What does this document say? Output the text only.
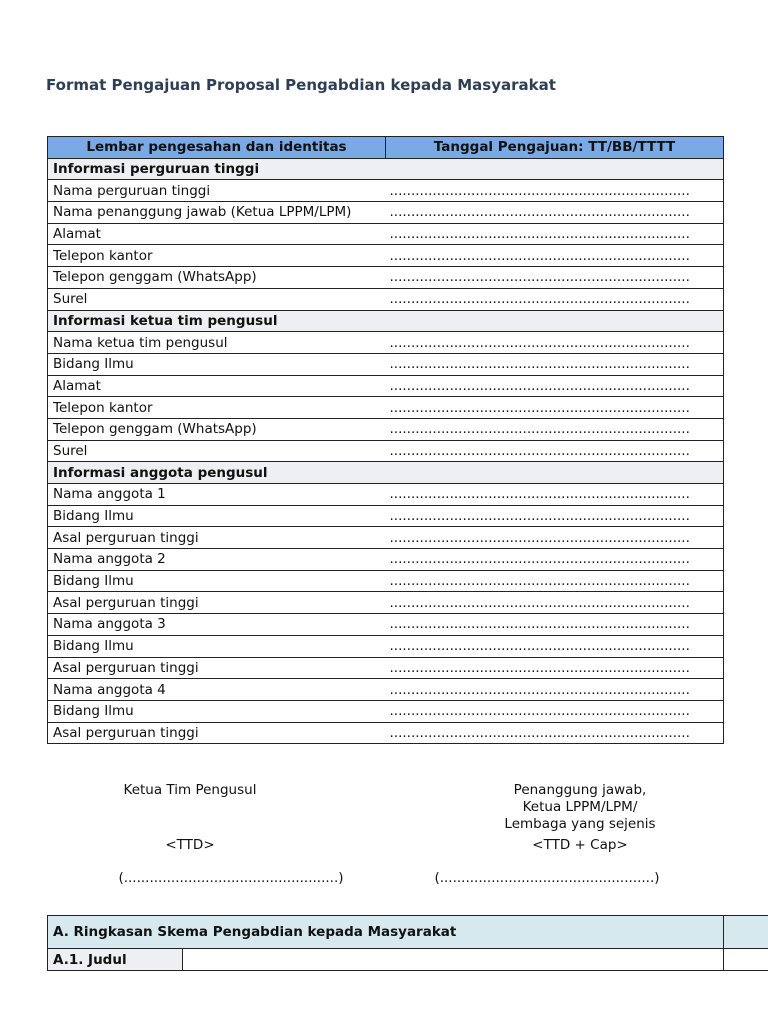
Format Pengajuan Proposal Pengabdian kepada Masyarakat
Lembar pengesahan dan identitas	Tanggal Pengajuan: TT/BB/TTTT
Informasi perguruan tinggi	
Nama perguruan tinggi	......................................................................
Nama penanggung jawab (Ketua LPPM/LPM)	......................................................................
Alamat	......................................................................
Telepon kantor	......................................................................
Telepon genggam (WhatsApp)	......................................................................
Surel	......................................................................
Informasi ketua tim pengusul	
Nama ketua tim pengusul	......................................................................
Bidang Ilmu	......................................................................
Alamat	......................................................................
Telepon kantor	......................................................................
Telepon genggam (WhatsApp)	......................................................................
Surel	......................................................................
Informasi anggota pengusul	
Nama anggota 1	......................................................................
Bidang Ilmu	......................................................................
Asal perguruan tinggi	......................................................................
Nama anggota 2	......................................................................
Bidang Ilmu	......................................................................
Asal perguruan tinggi	......................................................................
Nama anggota 3	......................................................................
Bidang Ilmu	......................................................................
Asal perguruan tinggi	......................................................................
Nama anggota 4	......................................................................
Bidang Ilmu	......................................................................
Asal perguruan tinggi	......................................................................
Ketua Tim Pengusul
<TTD>
(..................................................)
Penanggung jawab,
Ketua LPPM/LPM/
Lembaga yang sejenis
<TTD + Cap>
(..................................................)
A. Ringkasan Skema Pengabdian kepada Masyarakat		
A.1. Judul		
